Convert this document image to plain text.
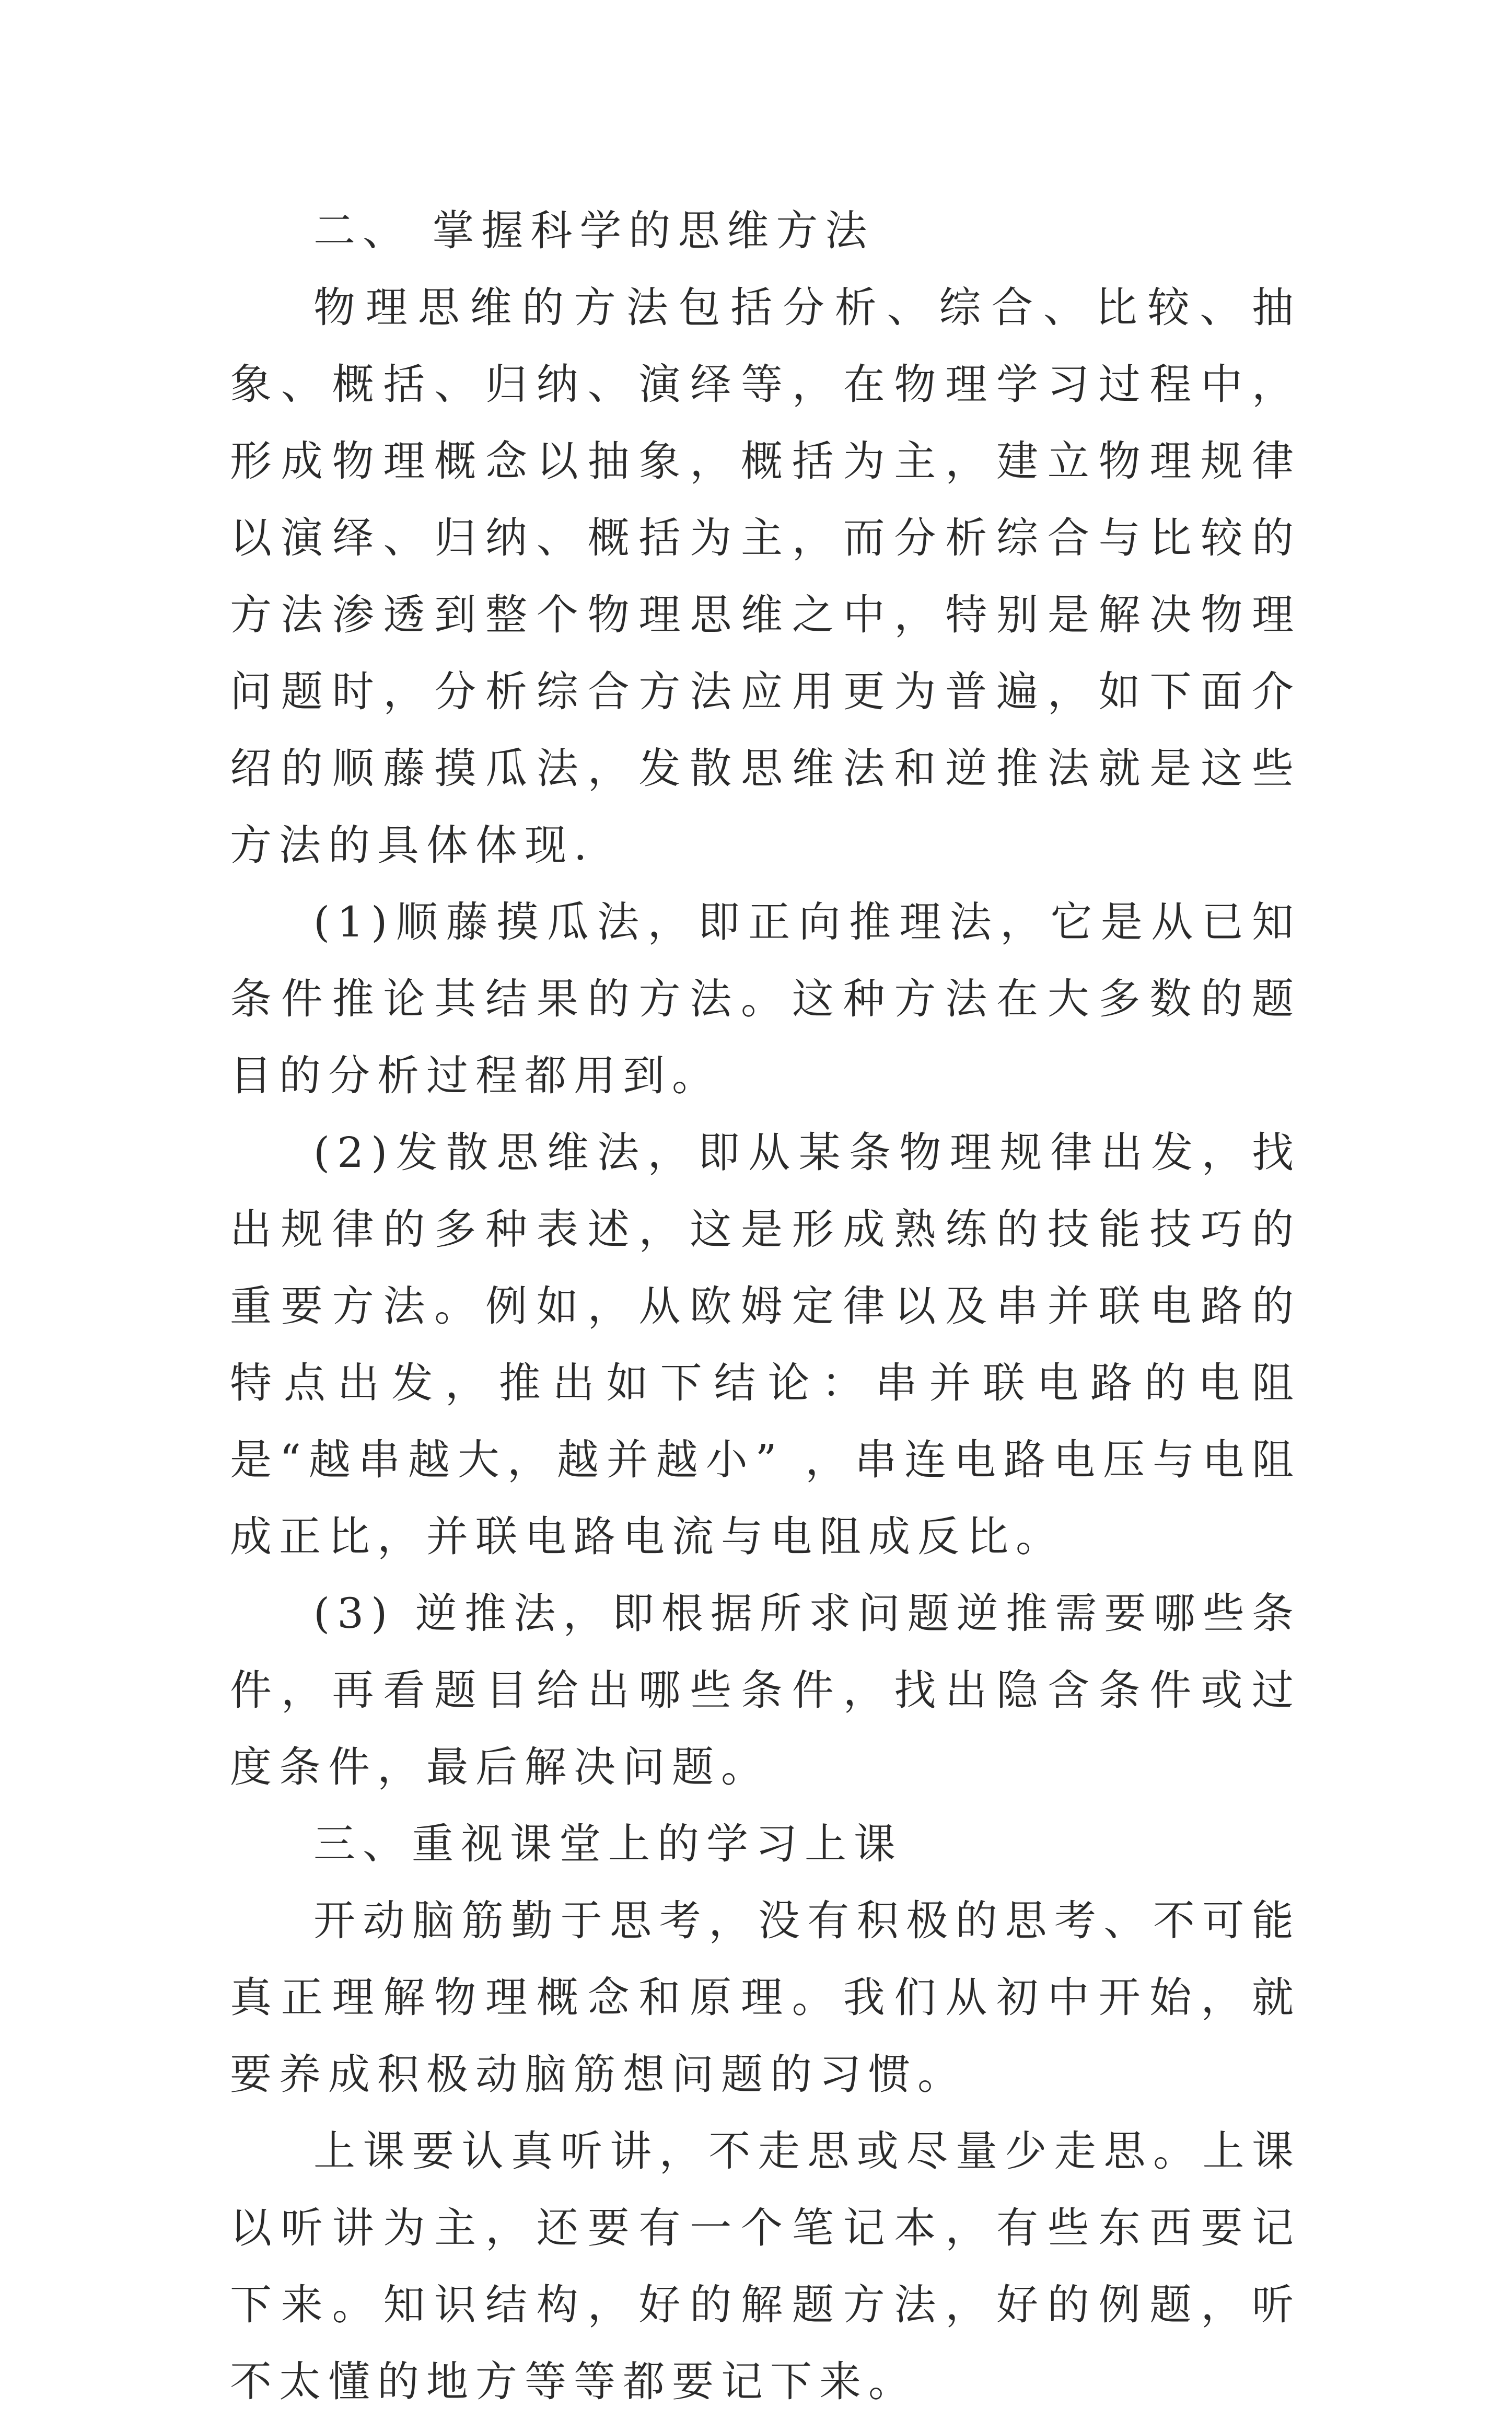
二、 掌握科学的思维方法

物理思维的方法包括分析、综合、比较、抽象、概括、归纳、演绎等，在物理学习过程中，形成物理概念以抽象，概括为主，建立物理规律以演绎、归纳、概括为主，而分析综合与比较的方法渗透到整个物理思维之中，特别是解决物理问题时，分析综合方法应用更为普遍，如下面介绍的顺藤摸瓜法，发散思维法和逆推法就是这些方法的具体体现.

(1)顺藤摸瓜法，即正向推理法，它是从已知条件推论其结果的方法。这种方法在大多数的题目的分析过程都用到。

(2)发散思维法，即从某条物理规律出发，找出规律的多种表述，这是形成熟练的技能技巧的重要方法。例如，从欧姆定律以及串并联电路的特点出发，推出如下结论：串并联电路的电阻是“越串越大，越并越小” ，串连电路电压与电阻成正比，并联电路电流与电阻成反比。

(3) 逆推法，即根据所求问题逆推需要哪些条件，再看题目给出哪些条件，找出隐含条件或过度条件，最后解决问题。

三、重视课堂上的学习上课

开动脑筋勤于思考，没有积极的思考、不可能真正理解物理概念和原理。我们从初中开始，就要养成积极动脑筋想问题的习惯。

上课要认真听讲，不走思或尽量少走思。上课以听讲为主，还要有一个笔记本，有些东西要记下来。知识结构，好的解题方法，好的例题，听不太懂的地方等等都要记下来。
